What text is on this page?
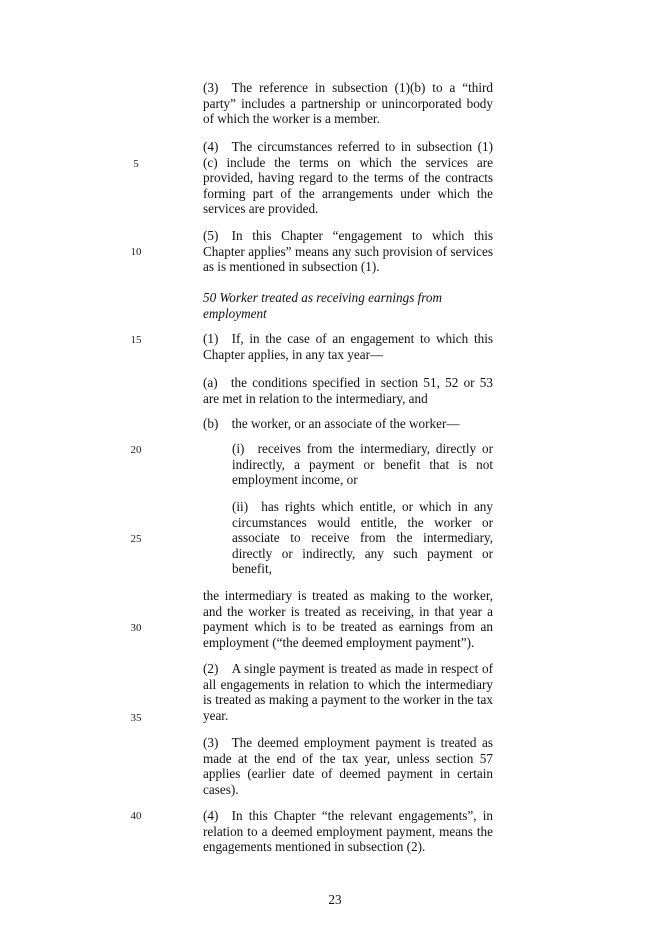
5
10
15
20
25
30
35
40
(3) The reference in subsection (1)(b) to a “third party” includes a partnership or unincorporated body of which the worker is a member.
(4) The circumstances referred to in subsection (1)(c) include the terms on which the services are provided, having regard to the terms of the contracts forming part of the arrangements under which the services are provided.
(5) In this Chapter “engagement to which this Chapter applies” means any such provision of services as is mentioned in subsection (1).
50 Worker treated as receiving earnings from employment
(1) If, in the case of an engagement to which this Chapter applies, in any tax year—
(a) the conditions specified in section 51, 52 or 53 are met in relation to the intermediary, and
(b) the worker, or an associate of the worker—
(i) receives from the intermediary, directly or indirectly, a payment or benefit that is not employment income, or
(ii) has rights which entitle, or which in any circumstances would entitle, the worker or associate to receive from the intermediary, directly or indirectly, any such payment or benefit,
the intermediary is treated as making to the worker, and the worker is treated as receiving, in that year a payment which is to be treated as earnings from an employment (“the deemed employment payment”).
(2) A single payment is treated as made in respect of all engagements in relation to which the intermediary is treated as making a payment to the worker in the tax year.
(3) The deemed employment payment is treated as made at the end of the tax year, unless section 57 applies (earlier date of deemed payment in certain cases).
(4) In this Chapter “the relevant engagements”, in relation to a deemed employment payment, means the engagements mentioned in subsection (2).
23
